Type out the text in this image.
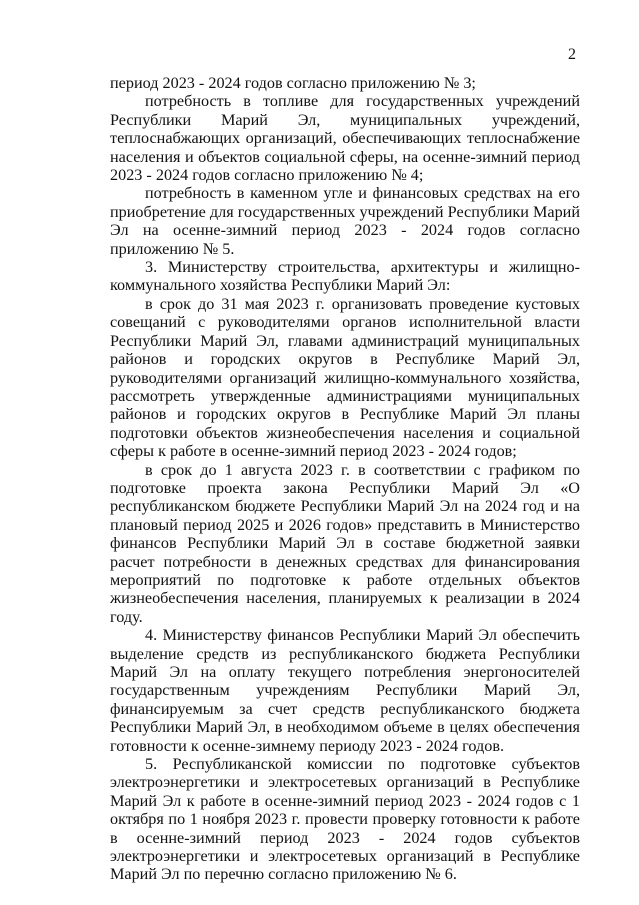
2

период 2023 - 2024 годов согласно приложению № 3;

потребность в топливе для государственных учреждений Республики Марий Эл, муниципальных учреждений, теплоснабжающих организаций, обеспечивающих теплоснабжение населения и объектов социальной сферы, на осенне-зимний период 2023 - 2024 годов согласно приложению № 4;

потребность в каменном угле и финансовых средствах на его приобретение для государственных учреждений Республики Марий Эл на осенне-зимний период 2023 - 2024 годов согласно приложению № 5.

3. Министерству строительства, архитектуры и жилищно-коммунального хозяйства Республики Марий Эл:

в срок до 31 мая 2023 г. организовать проведение кустовых совещаний с руководителями органов исполнительной власти Республики Марий Эл, главами администраций муниципальных районов и городских округов в Республике Марий Эл, руководителями организаций жилищно-коммунального хозяйства, рассмотреть утвержденные администрациями муниципальных районов и городских округов в Республике Марий Эл планы подготовки объектов жизнеобеспечения населения и социальной сферы к работе в осенне-зимний период 2023 - 2024 годов;

в срок до 1 августа 2023 г. в соответствии с графиком по подготовке проекта закона Республики Марий Эл «О республиканском бюджете Республики Марий Эл на 2024 год и на плановый период 2025 и 2026 годов» представить в Министерство финансов Республики Марий Эл в составе бюджетной заявки расчет потребности в денежных средствах для финансирования мероприятий по подготовке к работе отдельных объектов жизнеобеспечения населения, планируемых к реализации в 2024 году.

4. Министерству финансов Республики Марий Эл обеспечить выделение средств из республиканского бюджета Республики Марий Эл на оплату текущего потребления энергоносителей государственным учреждениям Республики Марий Эл, финансируемым за счет средств республиканского бюджета Республики Марий Эл, в необходимом объеме в целях обеспечения готовности к осенне-зимнему периоду 2023 - 2024 годов.

5. Республиканской комиссии по подготовке субъектов электроэнергетики и электросетевых организаций в Республике Марий Эл к работе в осенне-зимний период 2023 - 2024 годов с 1 октября по 1 ноября 2023 г. провести проверку готовности к работе в осенне-зимний период 2023 - 2024 годов субъектов электроэнергетики и электросетевых организаций в Республике Марий Эл по перечню согласно приложению № 6.
